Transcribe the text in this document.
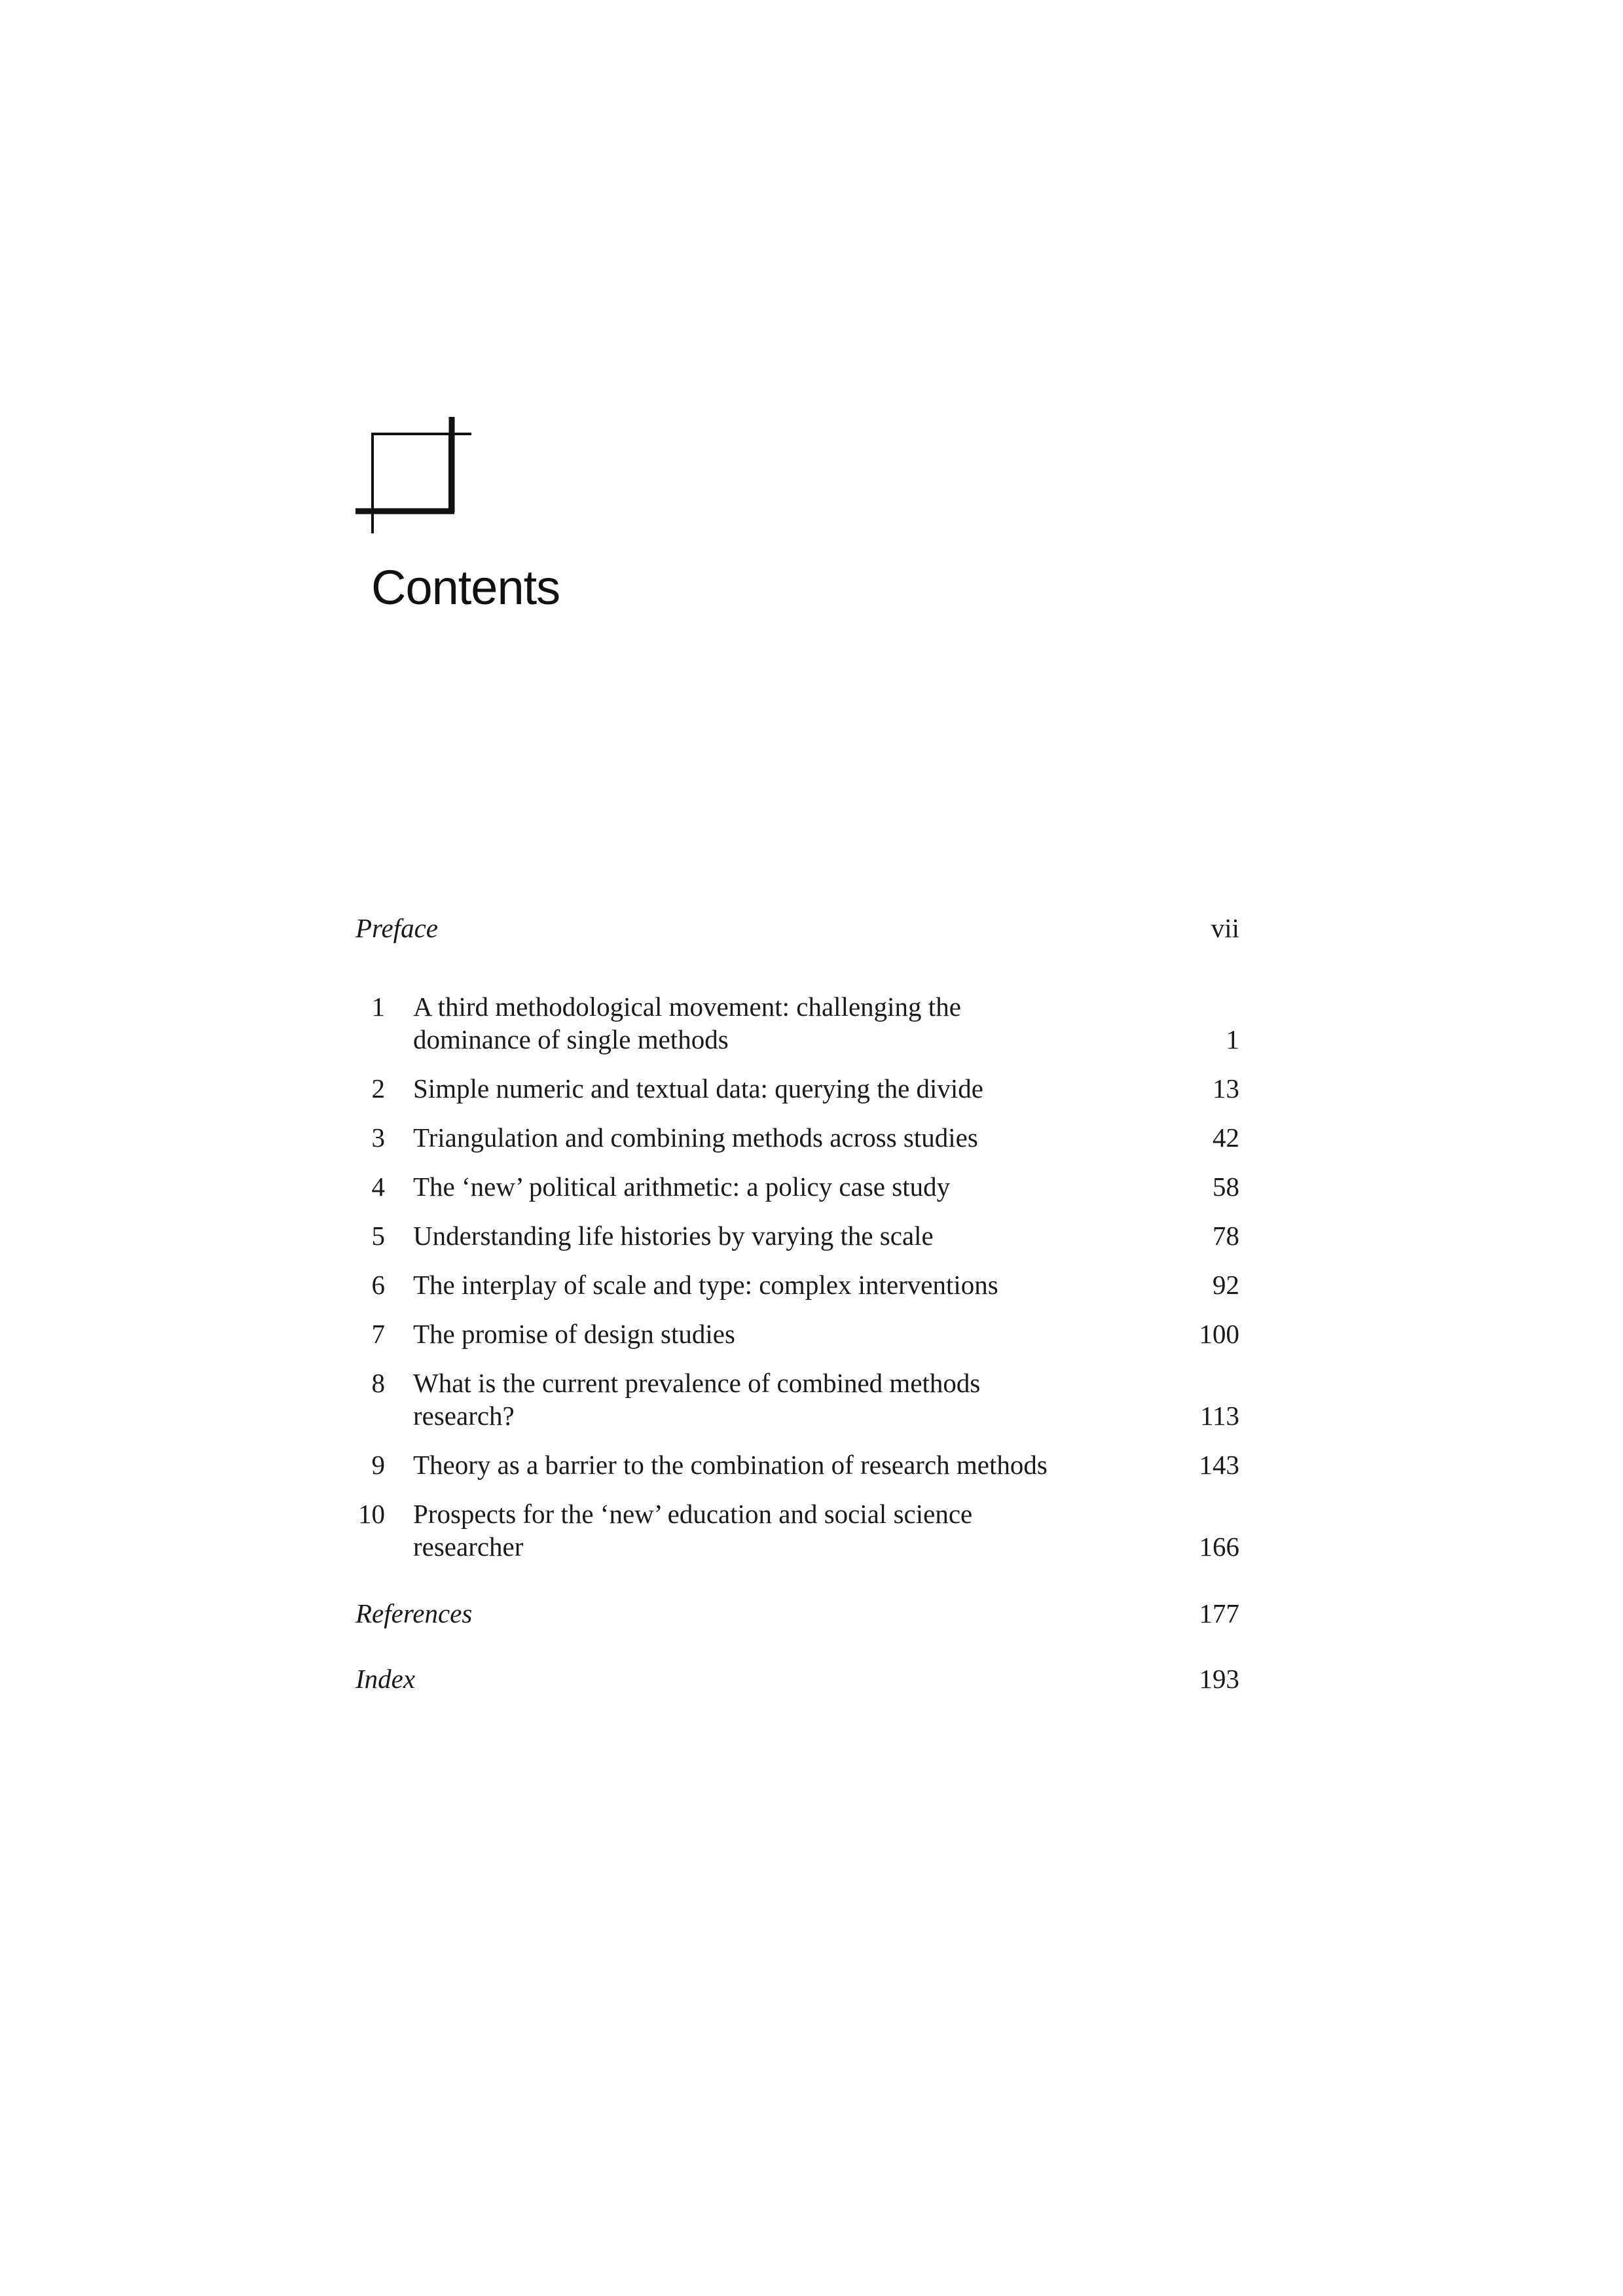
Contents
Preface	vii
1 A third methodological movement: challenging the
dominance of single methods	1
2 Simple numeric and textual data: querying the divide	13
3 Triangulation and combining methods across studies	42
4 The ‘new’ political arithmetic: a policy case study	58
5 Understanding life histories by varying the scale	78
6 The interplay of scale and type: complex interventions	92
7 The promise of design studies	100
8 What is the current prevalence of combined methods
research?	113
9 Theory as a barrier to the combination of research methods	143
10 Prospects for the ‘new’ education and social science
researcher	166
References	177
Index	193
